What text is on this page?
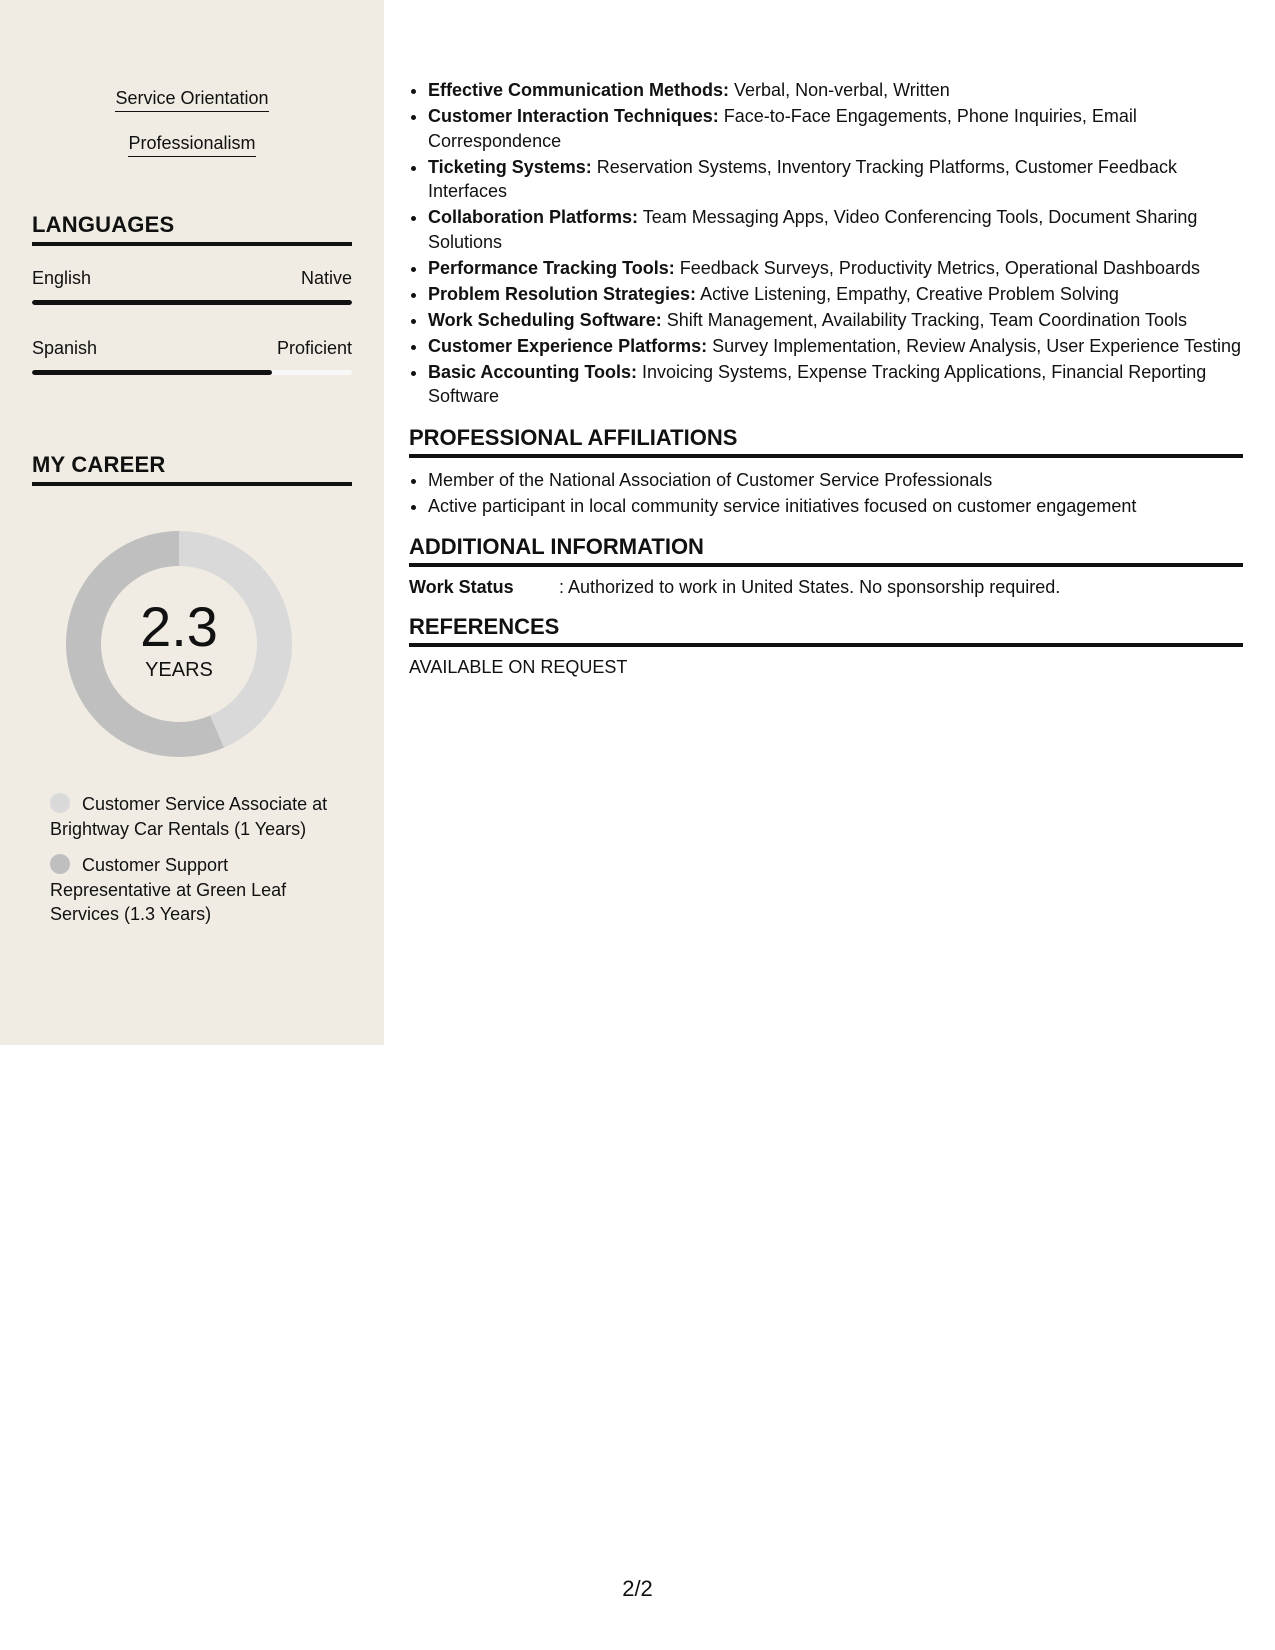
Service Orientation
Professionalism
LANGUAGES
English	Native
Spanish	Proficient
MY CAREER
2.3
YEARS
Customer Service Associate at Brightway Car Rentals (1 Years)
Customer Support Representative at Green Leaf Services (1.3 Years)
• Effective Communication Methods: Verbal, Non-verbal, Written
• Customer Interaction Techniques: Face-to-Face Engagements, Phone Inquiries, Email Correspondence
• Ticketing Systems: Reservation Systems, Inventory Tracking Platforms, Customer Feedback Interfaces
• Collaboration Platforms: Team Messaging Apps, Video Conferencing Tools, Document Sharing Solutions
• Performance Tracking Tools: Feedback Surveys, Productivity Metrics, Operational Dashboards
• Problem Resolution Strategies: Active Listening, Empathy, Creative Problem Solving
• Work Scheduling Software: Shift Management, Availability Tracking, Team Coordination Tools
• Customer Experience Platforms: Survey Implementation, Review Analysis, User Experience Testing
• Basic Accounting Tools: Invoicing Systems, Expense Tracking Applications, Financial Reporting Software
PROFESSIONAL AFFILIATIONS
• Member of the National Association of Customer Service Professionals
• Active participant in local community service initiatives focused on customer engagement
ADDITIONAL INFORMATION
Work Status	: Authorized to work in United States. No sponsorship required.
REFERENCES
AVAILABLE ON REQUEST
2/2
